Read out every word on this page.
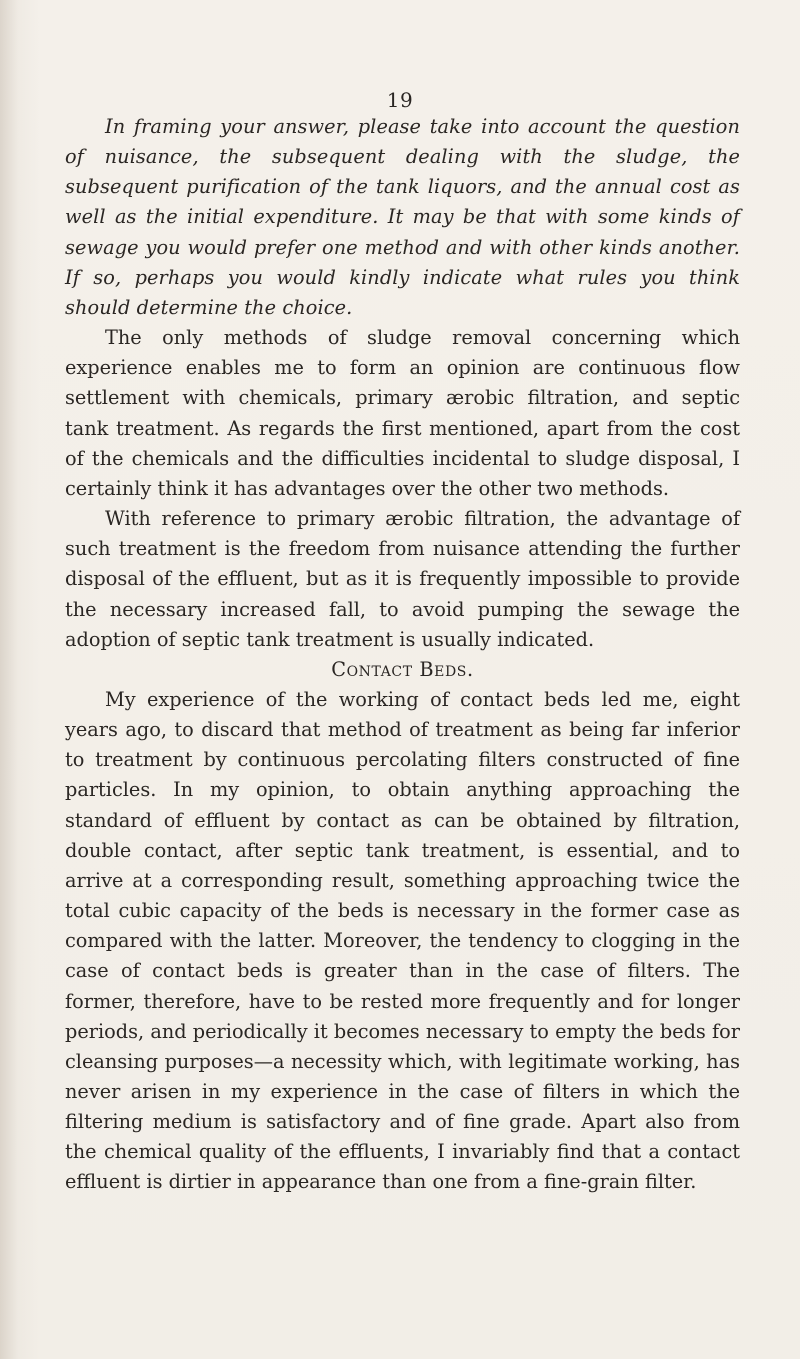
19

In framing your answer, please take into account the question of nuisance, the subsequent dealing with the sludge, the subsequent purification of the tank liquors, and the annual cost as well as the initial expenditure. It may be that with some kinds of sewage you would prefer one method and with other kinds another. If so, perhaps you would kindly indicate what rules you think should determine the choice.

The only methods of sludge removal concerning which experience enables me to form an opinion are continuous flow settlement with chemicals, primary ærobic filtration, and septic tank treatment. As regards the first mentioned, apart from the cost of the chemicals and the difficulties incidental to sludge disposal, I certainly think it has advantages over the other two methods.

With reference to primary ærobic filtration, the advantage of such treatment is the freedom from nuisance attending the further disposal of the effluent, but as it is frequently impossible to provide the necessary increased fall, to avoid pumping the sewage the adoption of septic tank treatment is usually indicated.

Contact Beds.

My experience of the working of contact beds led me, eight years ago, to discard that method of treatment as being far inferior to treatment by continuous percolating filters constructed of fine particles. In my opinion, to obtain anything approaching the standard of effluent by contact as can be obtained by filtration, double contact, after septic tank treatment, is essential, and to arrive at a corresponding result, something approaching twice the total cubic capacity of the beds is necessary in the former case as compared with the latter. Moreover, the tendency to clogging in the case of contact beds is greater than in the case of filters. The former, therefore, have to be rested more frequently and for longer periods, and periodically it becomes necessary to empty the beds for cleansing purposes—a necessity which, with legitimate working, has never arisen in my experience in the case of filters in which the filtering medium is satisfactory and of fine grade. Apart also from the chemical quality of the effluents, I invariably find that a contact effluent is dirtier in appearance than one from a fine-grain filter.
